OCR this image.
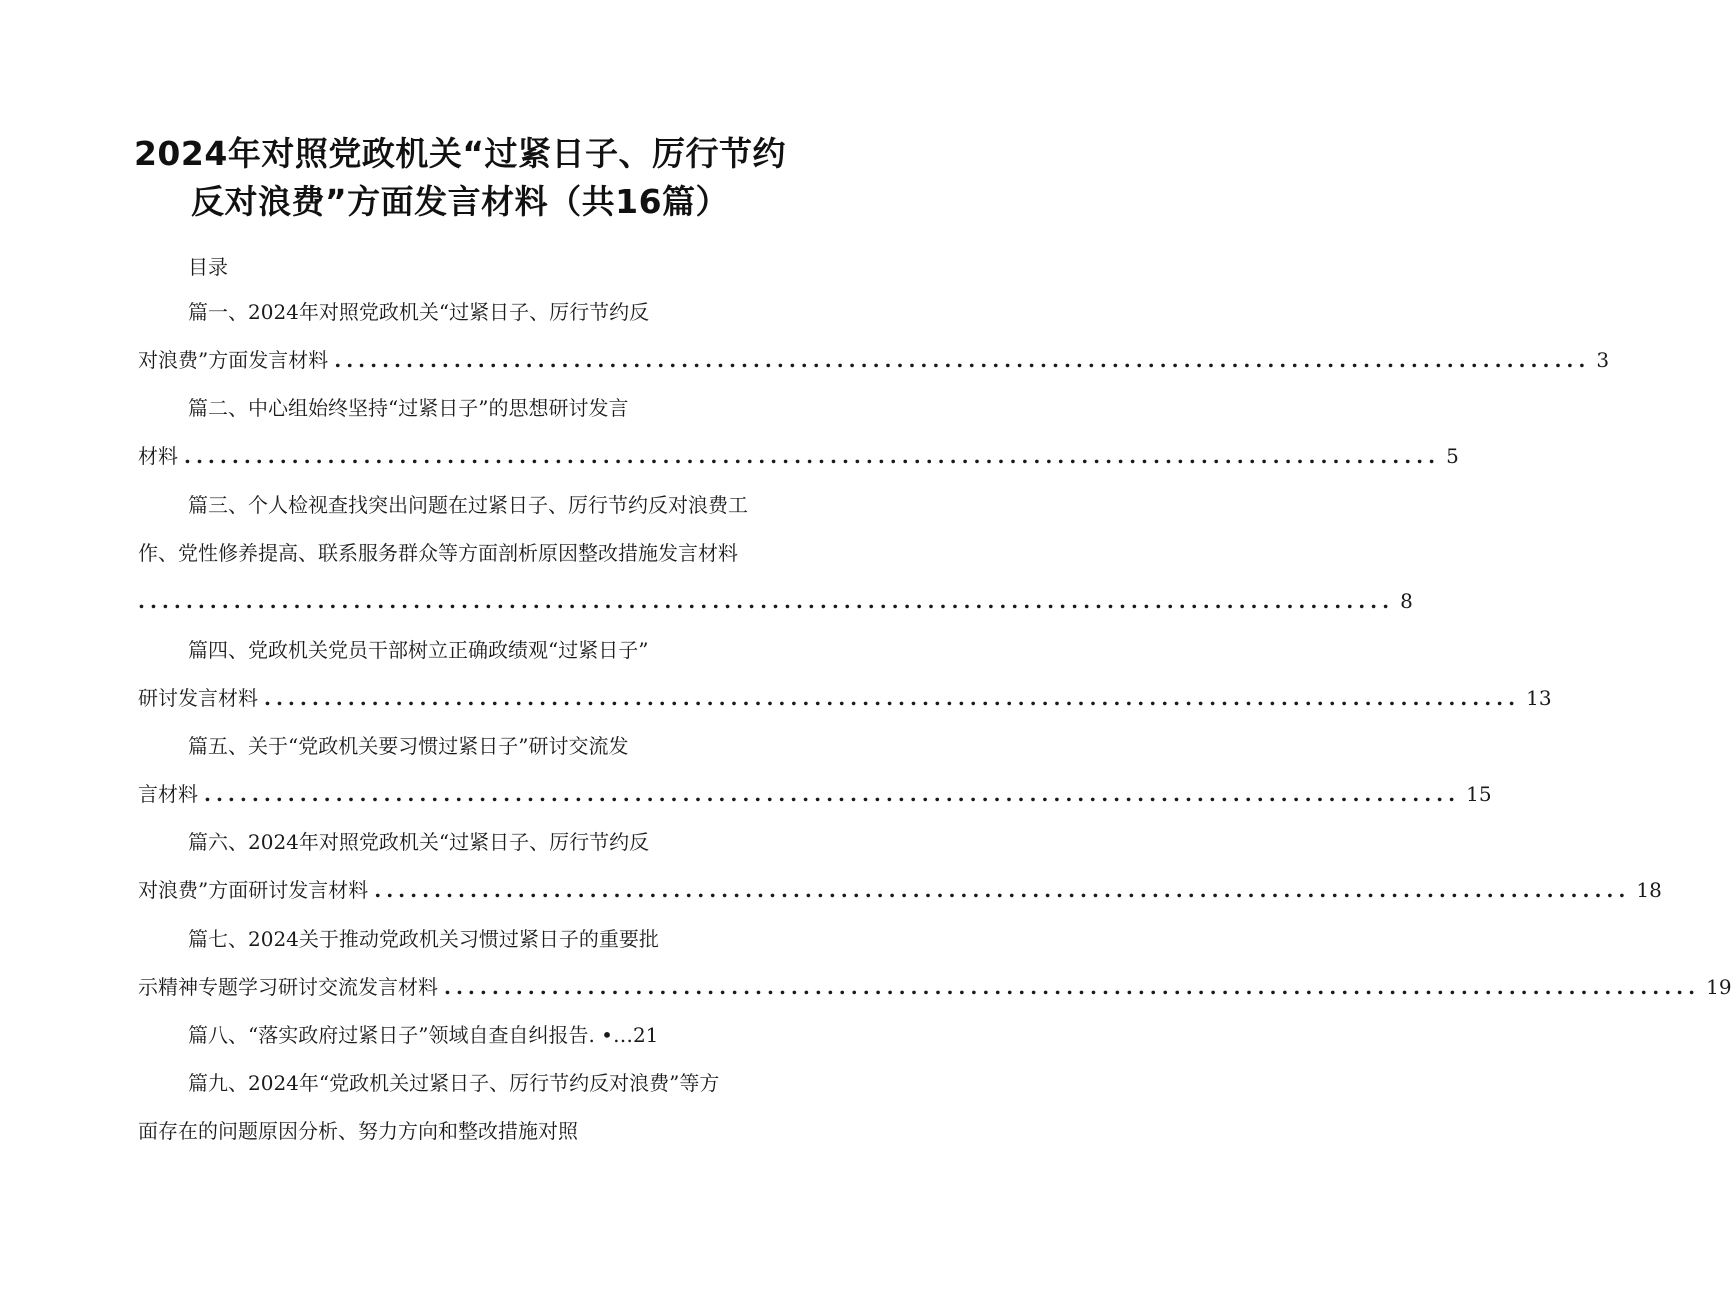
2024年对照党政机关“过紧日子、厉行节约
反对浪费”方面发言材料（共16篇）
目录
篇一、2024年对照党政机关“过紧日子、厉行节约反
对浪费”方面发言材料 ......................................................................................................... 3
篇二、中心组始终坚持“过紧日子”的思想研讨发言
材料 ......................................................................................................... 5
篇三、个人检视查找突出问题在过紧日子、厉行节约反对浪费工
作、党性修养提高、联系服务群众等方面剖析原因整改措施发言材料
......................................................................................................... 8
篇四、党政机关党员干部树立正确政绩观“过紧日子”
研讨发言材料 ......................................................................................................... 13
篇五、关于“党政机关要习惯过紧日子”研讨交流发
言材料 ......................................................................................................... 15
篇六、2024年对照党政机关“过紧日子、厉行节约反
对浪费”方面研讨发言材料 ......................................................................................................... 18
篇七、2024关于推动党政机关习惯过紧日子的重要批
示精神专题学习研讨交流发言材料 ......................................................................................................... 19
篇八、“落实政府过紧日子”领域自查自纠报告. •…21
篇九、2024年“党政机关过紧日子、厉行节约反对浪费”等方
面存在的问题原因分析、努力方向和整改措施对照
